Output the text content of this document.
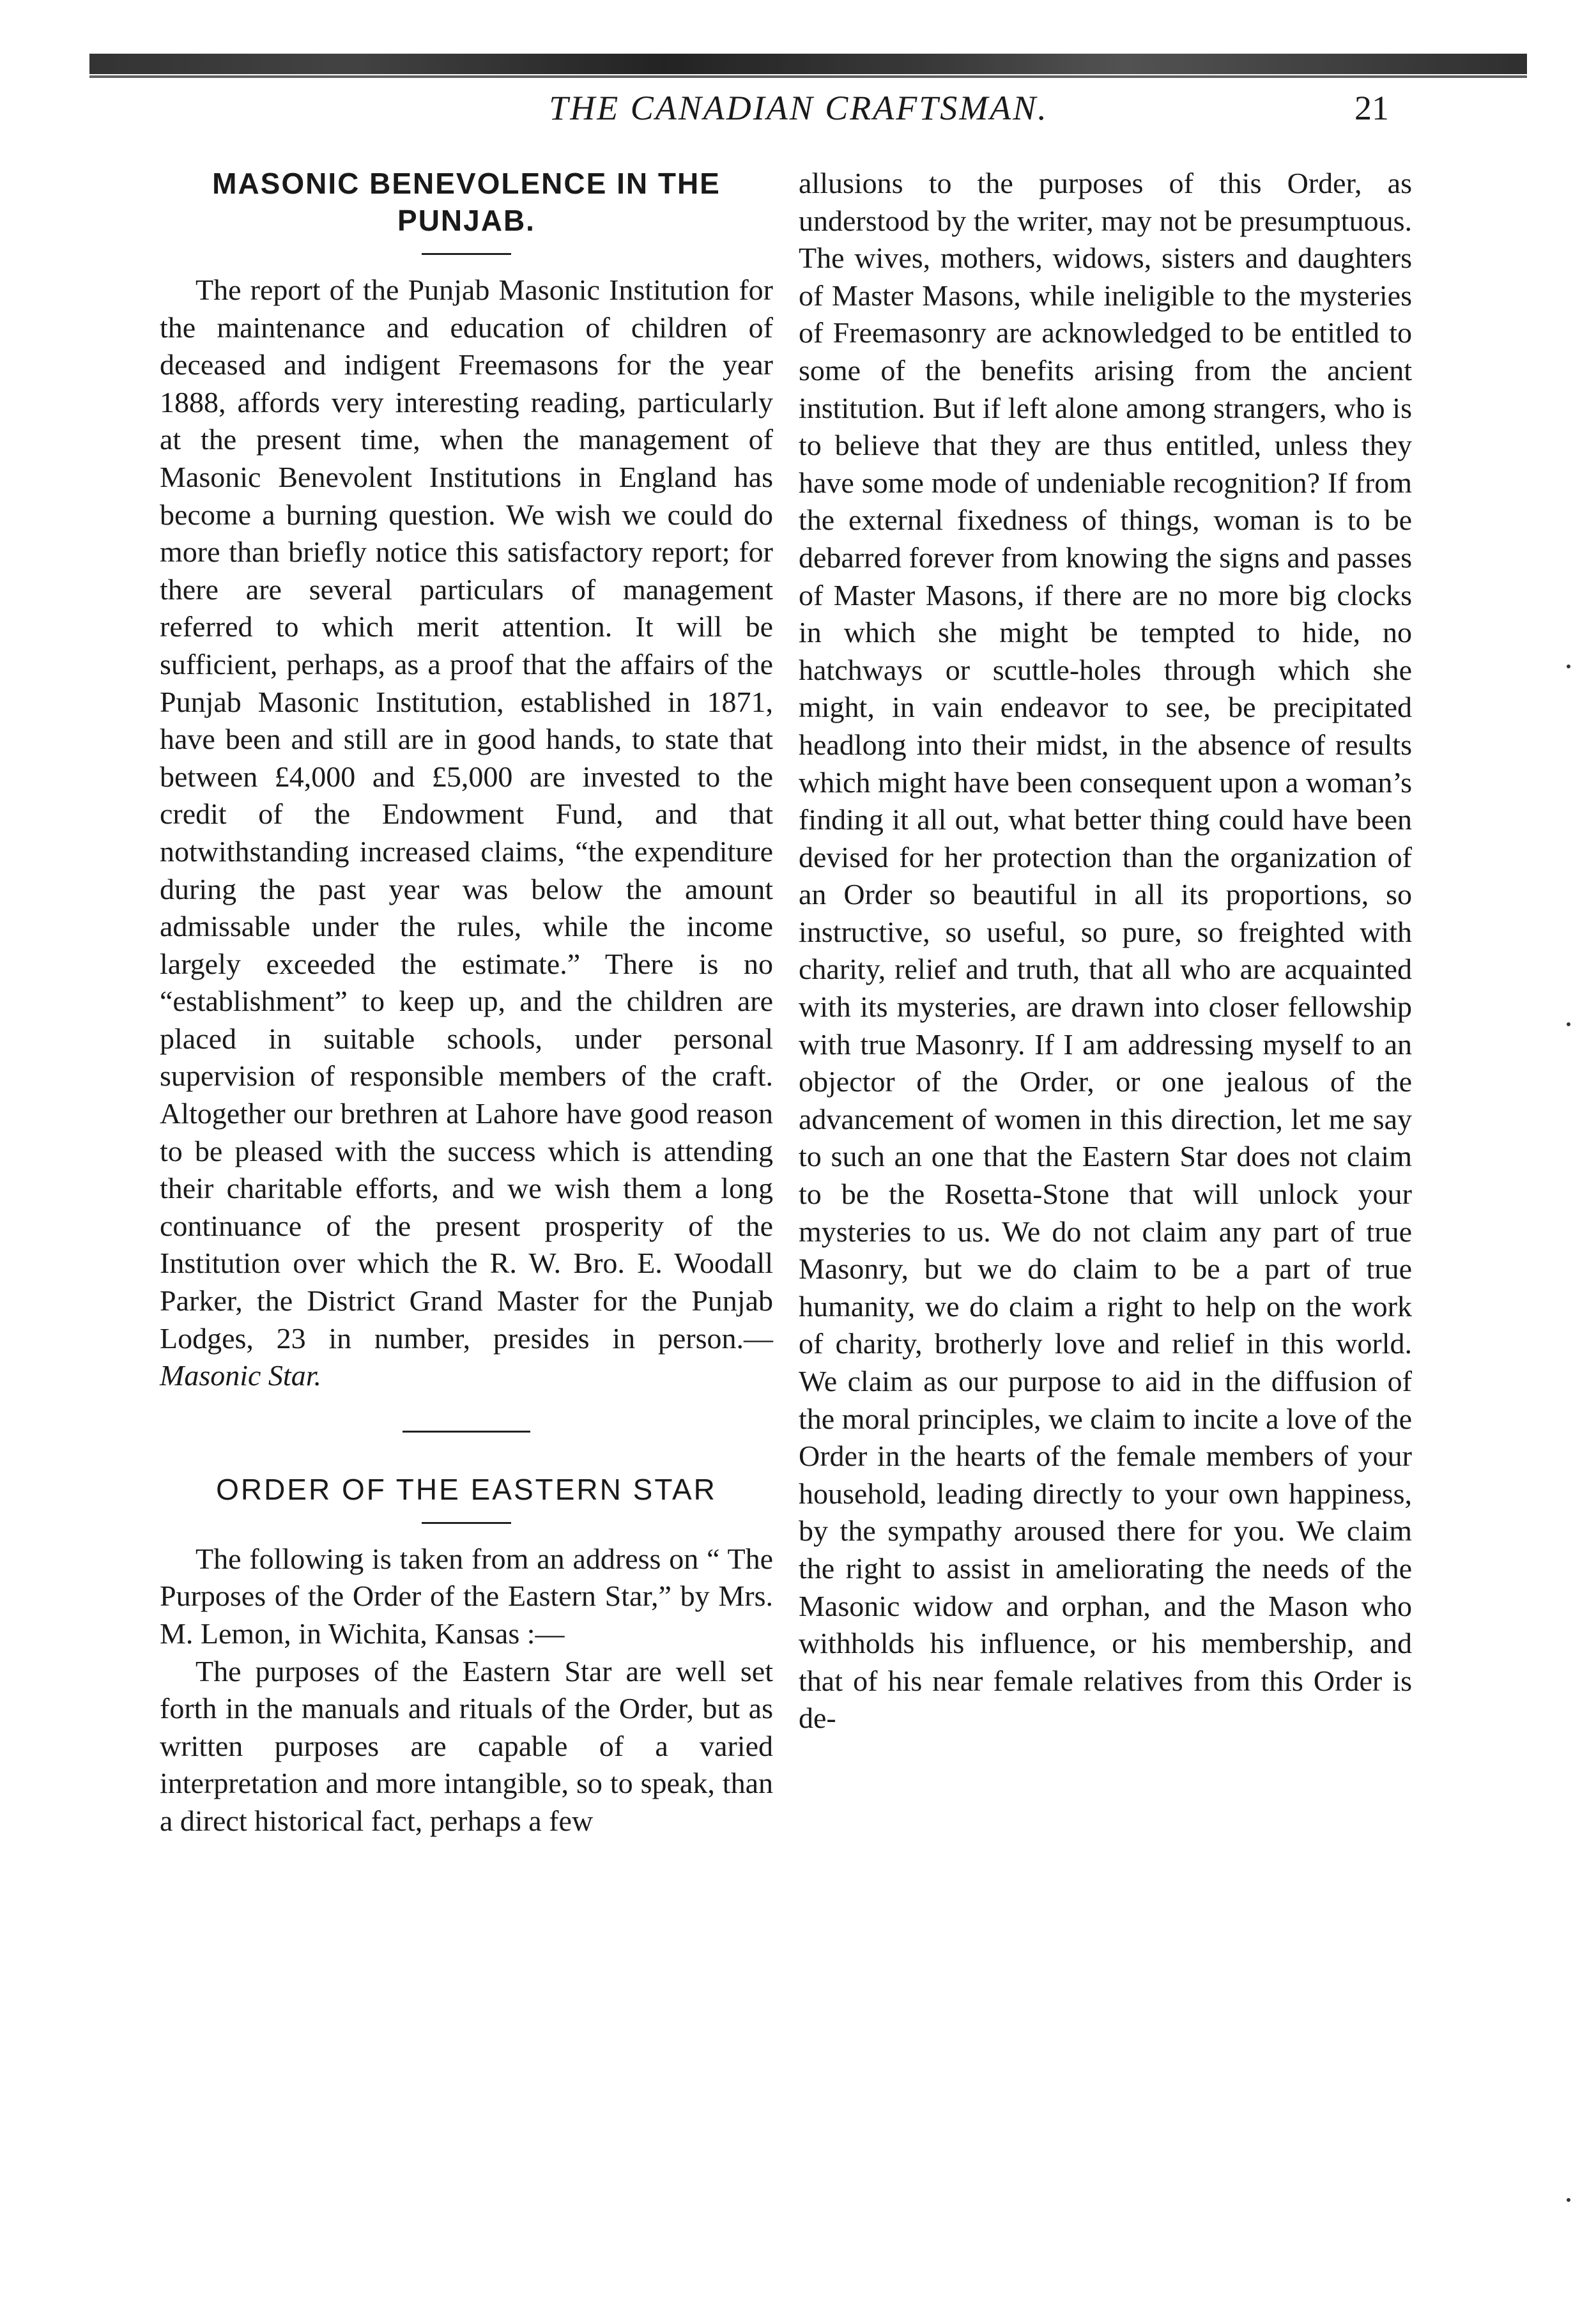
THE CANADIAN CRAFTSMAN.	21
MASONIC BENEVOLENCE IN THE PUNJAB.

The report of the Punjab Masonic Institution for the maintenance and education of children of deceased and indigent Freemasons for the year 1888, affords very interesting reading, particularly at the present time, when the management of Masonic Benevolent Institutions in England has become a burning question. We wish we could do more than briefly notice this satisfactory report; for there are several particulars of management referred to which merit attention. It will be sufficient, perhaps, as a proof that the affairs of the Punjab Masonic Institution, established in 1871, have been and still are in good hands, to state that between £4,000 and £5,000 are invested to the credit of the Endowment Fund, and that notwithstanding increased claims, “the expenditure during the past year was below the amount admissable under the rules, while the income largely exceeded the estimate.” There is no “establishment” to keep up, and the children are placed in suitable schools, under personal supervision of responsible members of the craft. Altogether our brethren at Lahore have good reason to be pleased with the success which is attending their charitable efforts, and we wish them a long continuance of the present prosperity of the Institution over which the R. W. Bro. E. Woodall Parker, the District Grand Master for the Punjab Lodges, 23 in number, presides in person.—Masonic Star.

ORDER OF THE EASTERN STAR

The following is taken from an address on “ The Purposes of the Order of the Eastern Star,” by Mrs. M. Lemon, in Wichita, Kansas :—

The purposes of the Eastern Star are well set forth in the manuals and rituals of the Order, but as written purposes are capable of a varied interpretation and more intangible, so to speak, than a direct historical fact, perhaps a few

allusions to the purposes of this Order, as understood by the writer, may not be presumptuous. The wives, mothers, widows, sisters and daughters of Master Masons, while ineligible to the mysteries of Freemasonry are acknowledged to be entitled to some of the benefits arising from the ancient institution. But if left alone among strangers, who is to believe that they are thus entitled, unless they have some mode of undeniable recognition? If from the external fixedness of things, woman is to be debarred forever from knowing the signs and passes of Master Masons, if there are no more big clocks in which she might be tempted to hide, no hatchways or scuttle-holes through which she might, in vain endeavor to see, be precipitated headlong into their midst, in the absence of results which might have been consequent upon a woman’s finding it all out, what better thing could have been devised for her protection than the organization of an Order so beautiful in all its proportions, so instructive, so useful, so pure, so freighted with charity, relief and truth, that all who are acquainted with its mysteries, are drawn into closer fellowship with true Masonry. If I am addressing myself to an objector of the Order, or one jealous of the advancement of women in this direction, let me say to such an one that the Eastern Star does not claim to be the Rosetta-Stone that will unlock your mysteries to us. We do not claim any part of true Masonry, but we do claim to be a part of true humanity, we do claim a right to help on the work of charity, brotherly love and relief in this world. We claim as our purpose to aid in the diffusion of the moral principles, we claim to incite a love of the Order in the hearts of the female members of your household, leading directly to your own happiness, by the sympathy aroused there for you. We claim the right to assist in ameliorating the needs of the Masonic widow and orphan, and the Mason who withholds his influence, or his membership, and that of his near female relatives from this Order is de-
